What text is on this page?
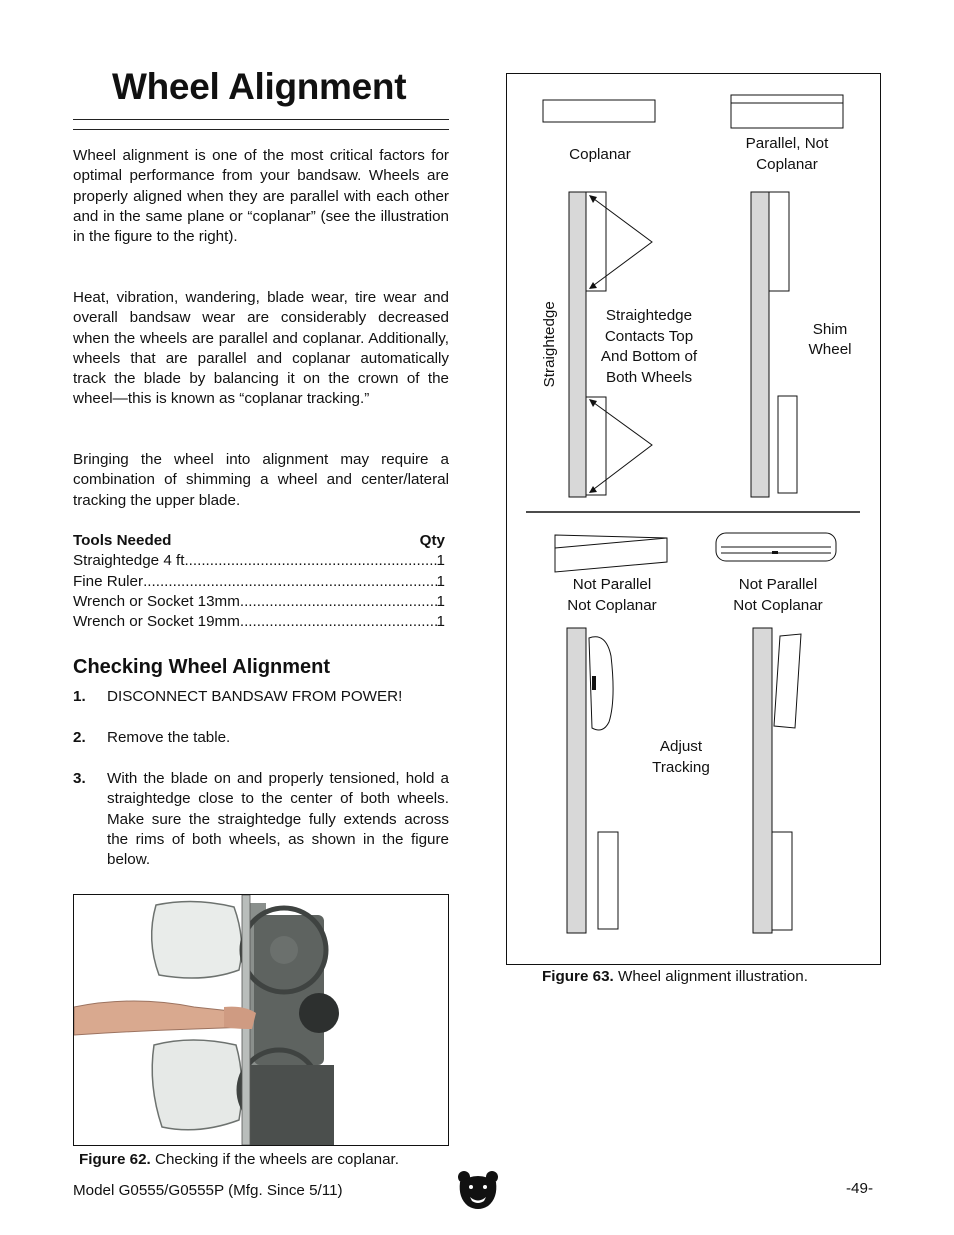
Wheel Alignment
Wheel alignment is one of the most critical factors for optimal performance from your bandsaw. Wheels are properly aligned when they are parallel with each other and in the same plane or “coplanar” (see the illustration in the figure to the right).
Heat, vibration, wandering, blade wear, tire wear and overall bandsaw wear are considerably decreased when the wheels are parallel and coplanar. Additionally, wheels that are parallel and coplanar automatically track the blade by balancing it on the crown of the wheel—this is known as “coplanar tracking.”
Bringing the wheel into alignment may require a combination of shimming a wheel and center/lateral tracking the upper blade.
Tools Needed	Qty
Straightedge 4 ft. .....	1
Fine Ruler .....	1
Wrench or Socket 13mm .....	1
Wrench or Socket 19mm .....	1
Checking Wheel Alignment
1. DISCONNECT BANDSAW FROM POWER!
2. Remove the table.
3. With the blade on and properly tensioned, hold a straightedge close to the center of both wheels. Make sure the straightedge fully extends across the rims of both wheels, as shown in the figure below.
Figure 62. Checking if the wheels are coplanar.
Coplanar
Parallel, Not
Coplanar
Straightedge	Straightedge
Contacts Top
And Bottom of
Both Wheels
Shim
Wheel
Not Parallel
Not Coplanar
Not Parallel
Not Coplanar
Adjust
Tracking
Figure 63. Wheel alignment illustration.
Model G0555/G0555P (Mfg. Since 5/11)	-49-
